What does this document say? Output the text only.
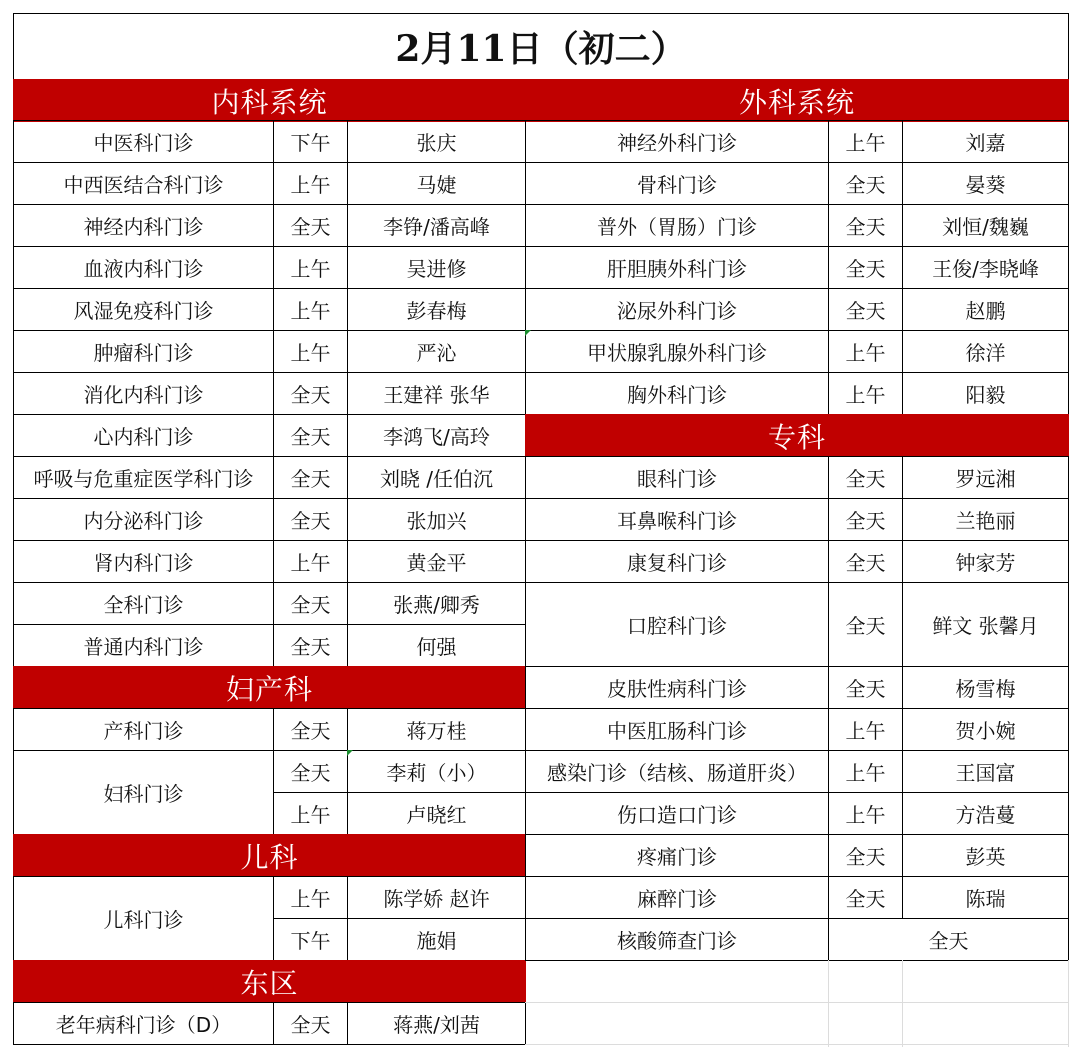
2月11日（初二）
内科系统
中医科门诊	下午	张庆
中西医结合科门诊	上午	马婕
神经内科门诊	全天	李铮/潘高峰
血液内科门诊	上午	吴进修
风湿免疫科门诊	上午	彭春梅
肿瘤科门诊	上午	严沁
消化内科门诊	全天	王建祥 张华
心内科门诊	全天	李鸿飞/高玲
呼吸与危重症医学科门诊	全天	刘晓 /任伯沉
内分泌科门诊	全天	张加兴
肾内科门诊	上午	黄金平
全科门诊	全天	张燕/卿秀
普通内科门诊	全天	何强
妇产科
产科门诊	全天	蒋万桂
妇科门诊
全天	李莉（小）
上午	卢晓红
儿科
儿科门诊
上午	陈学娇 赵许
下午	施娟
东区
老年病科门诊（D）	全天	蒋燕/刘茜
外科系统
神经外科门诊	上午	刘嘉
骨科门诊	全天	晏葵
普外（胃肠）门诊	全天	刘恒/魏巍
肝胆胰外科门诊	全天	王俊/李晓峰
泌尿外科门诊	全天	赵鹏
甲状腺乳腺外科门诊	上午	徐洋
胸外科门诊	上午	阳毅
专科
眼科门诊	全天	罗远湘
耳鼻喉科门诊	全天	兰艳丽
康复科门诊	全天	钟家芳
口腔科门诊	全天	鲜文 张馨月
皮肤性病科门诊	全天	杨雪梅
中医肛肠科门诊	上午	贺小婉
感染门诊（结核、肠道肝炎）	上午	王国富
伤口造口门诊	上午	方浩蔓
疼痛门诊	全天	彭英
麻醉门诊	全天	陈瑞
核酸筛查门诊	全天
